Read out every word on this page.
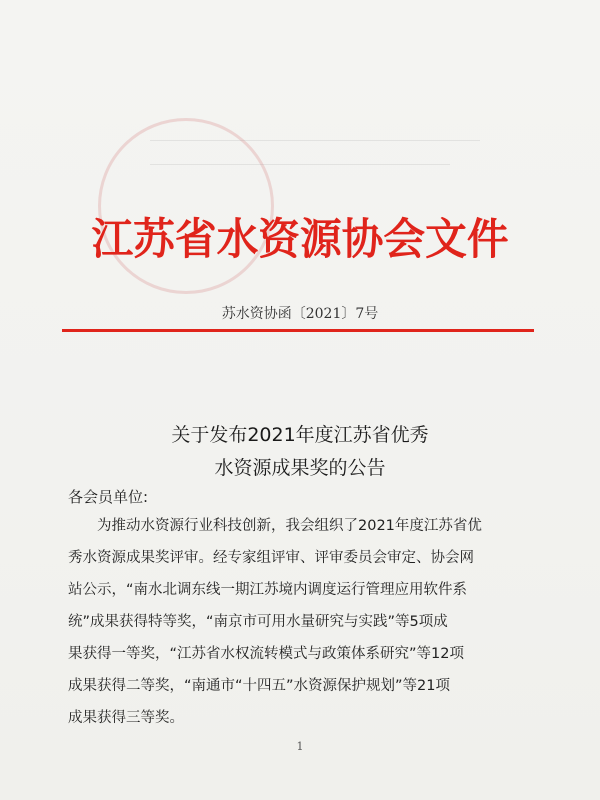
江苏省水资源协会文件
苏水资协函〔2021〕7号
关于发布2021年度江苏省优秀
水资源成果奖的公告
各会员单位:
为推动水资源行业科技创新，我会组织了2021年度江苏省优
秀水资源成果奖评审。经专家组评审、评审委员会审定、协会网
站公示，“南水北调东线一期江苏境内调度运行管理应用软件系
统”成果获得特等奖，“南京市可用水量研究与实践”等5项成
果获得一等奖，“江苏省水权流转模式与政策体系研究”等12项
成果获得二等奖，“南通市“十四五”水资源保护规划”等21项
成果获得三等奖。
1
